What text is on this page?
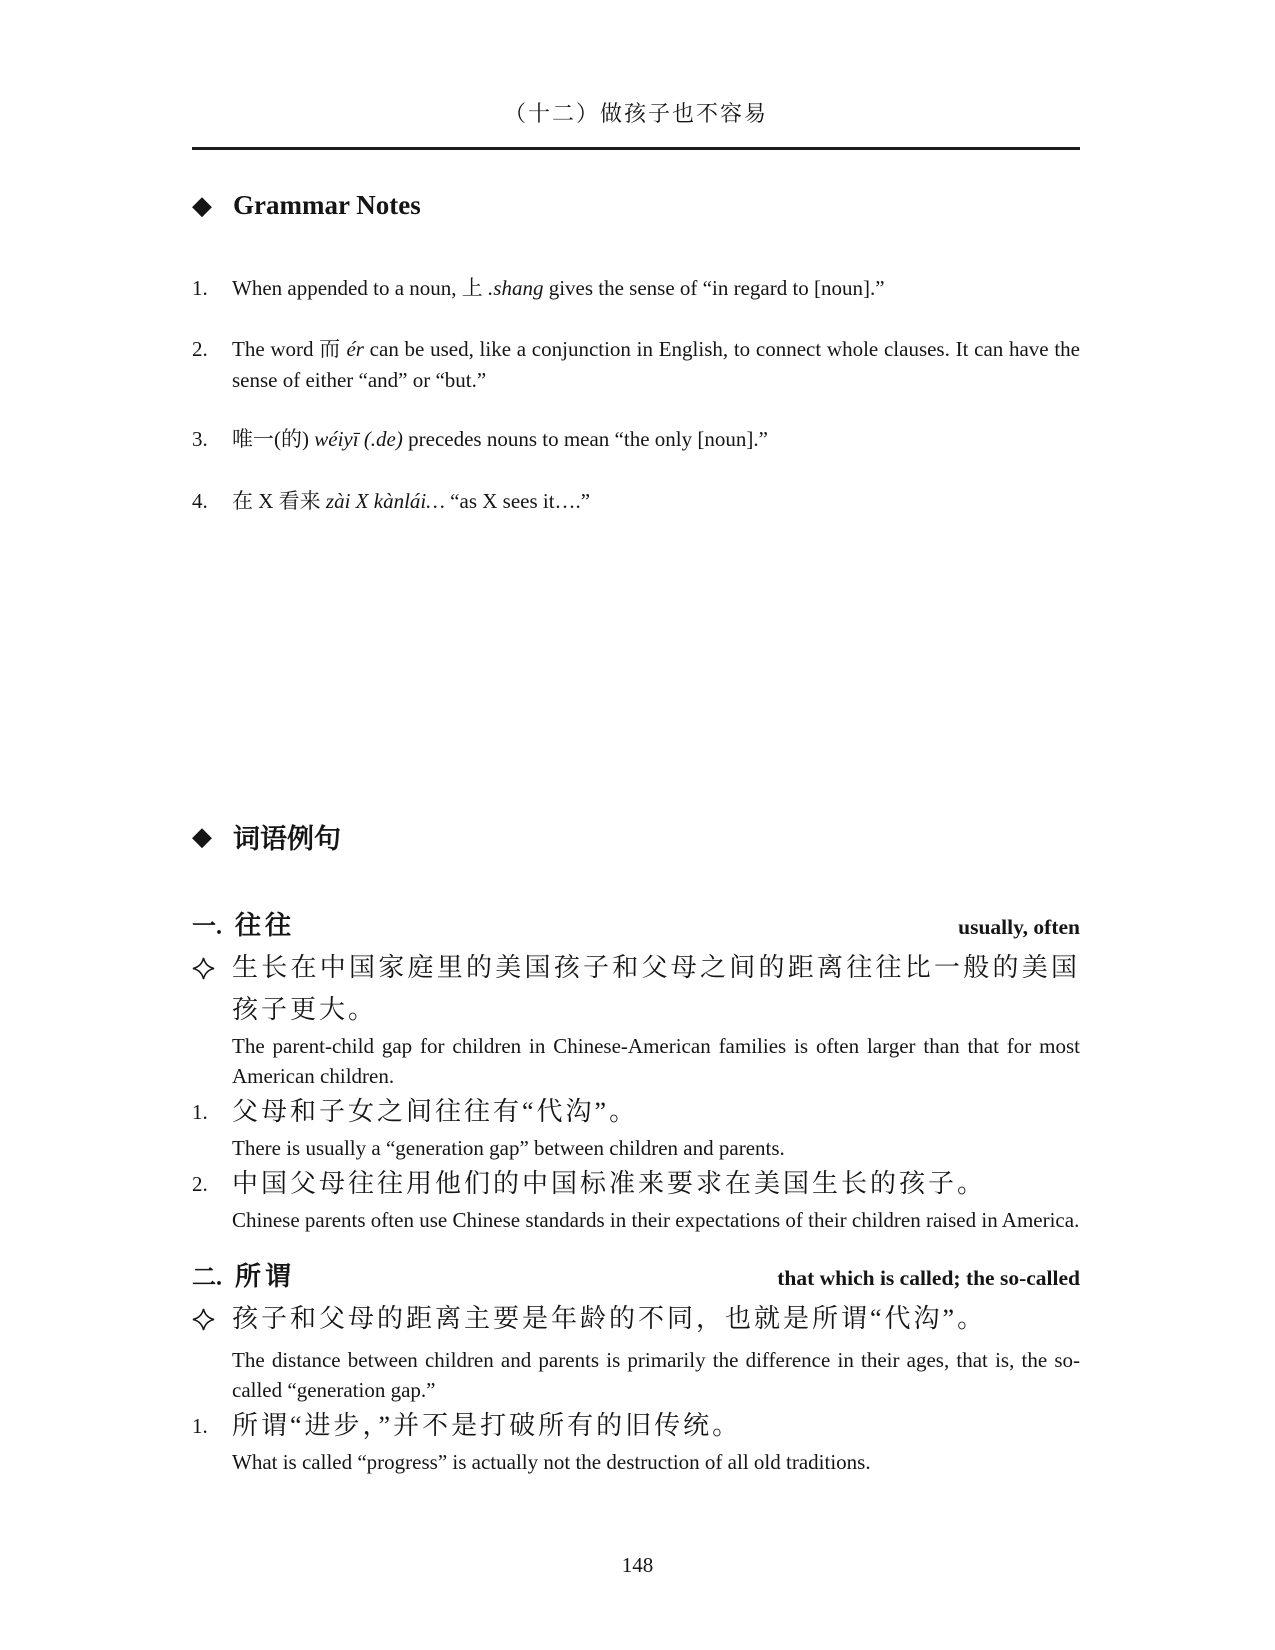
（十二）做孩子也不容易
◆ Grammar Notes
1.	When appended to a noun, 上 .shang gives the sense of “in regard to [noun].”

2.	The word 而 ér can be used, like a conjunction in English, to connect whole clauses. It can have the sense of either “and” or “but.”

3.	唯一(的) wéiyī (.de) precedes nouns to mean “the only [noun].”

4.	在 X 看来 zài X kànlái… “as X sees it….”

◆ 词语例句
一. 往往	usually, often

生长在中国家庭里的美国孩子和父母之间的距离往往比一般的美国孩子更大。

The parent-child gap for children in Chinese-American families is often larger than that for most American children.

1. 父母和子女之间往往有“代沟”。

There is usually a “generation gap” between children and parents.

2. 中国父母往往用他们的中国标准来要求在美国生长的孩子。

Chinese parents often use Chinese standards in their expectations of their children raised in America.

二. 所谓	that which is called; the so-called

孩子和父母的距离主要是年龄的不同，也就是所谓“代沟”。

The distance between children and parents is primarily the difference in their ages, that is, the so-called “generation gap.”

1. 所谓“进步，”并不是打破所有的旧传统。

What is called “progress” is actually not the destruction of all old traditions.

148
